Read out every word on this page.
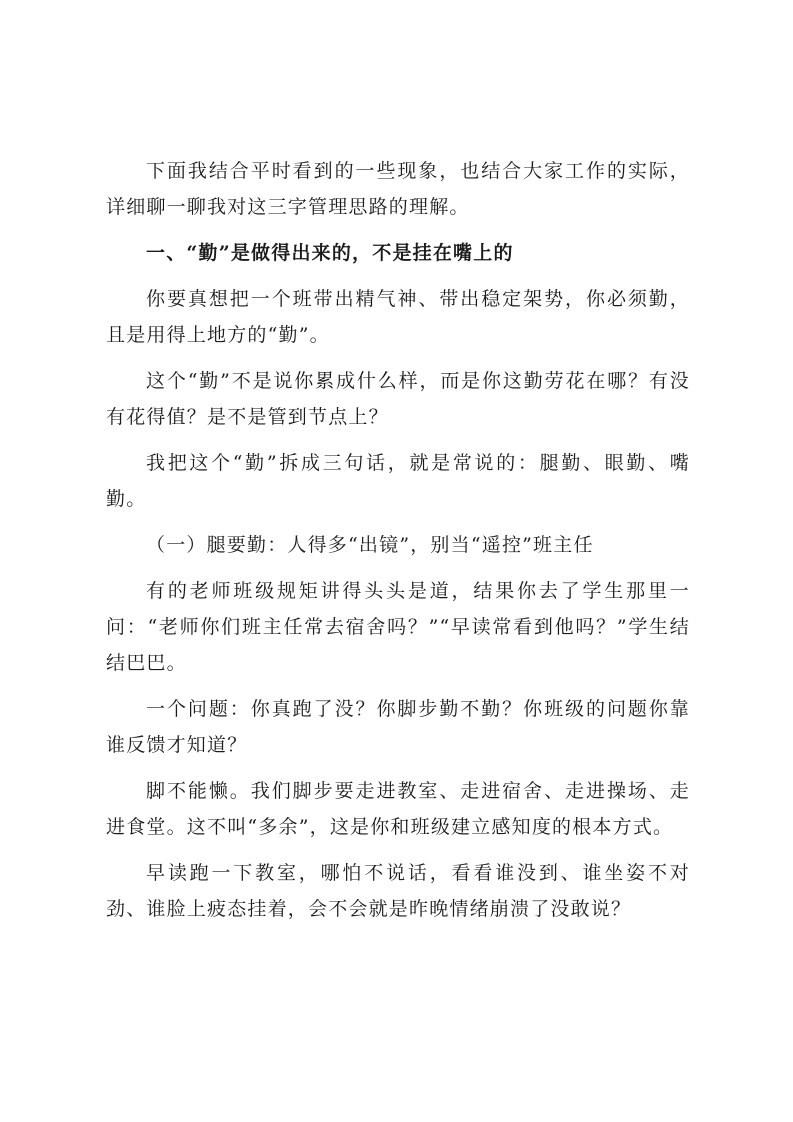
下面我结合平时看到的一些现象，也结合大家工作的实际，详细聊一聊我对这三字管理思路的理解。

一、“勤”是做得出来的，不是挂在嘴上的

你要真想把一个班带出精气神、带出稳定架势，你必须勤，且是用得上地方的“勤”。

这个“勤”不是说你累成什么样，而是你这勤劳花在哪？有没有花得值？是不是管到节点上？

我把这个“勤”拆成三句话，就是常说的：腿勤、眼勤、嘴勤。

（一）腿要勤：人得多“出镜”，别当“遥控”班主任

有的老师班级规矩讲得头头是道，结果你去了学生那里一问：“老师你们班主任常去宿舍吗？”“早读常看到他吗？”学生结结巴巴。

一个问题：你真跑了没？你脚步勤不勤？你班级的问题你靠谁反馈才知道？

脚不能懒。我们脚步要走进教室、走进宿舍、走进操场、走进食堂。这不叫“多余”，这是你和班级建立感知度的根本方式。

早读跑一下教室，哪怕不说话，看看谁没到、谁坐姿不对劲、谁脸上疲态挂着，会不会就是昨晚情绪崩溃了没敢说？
